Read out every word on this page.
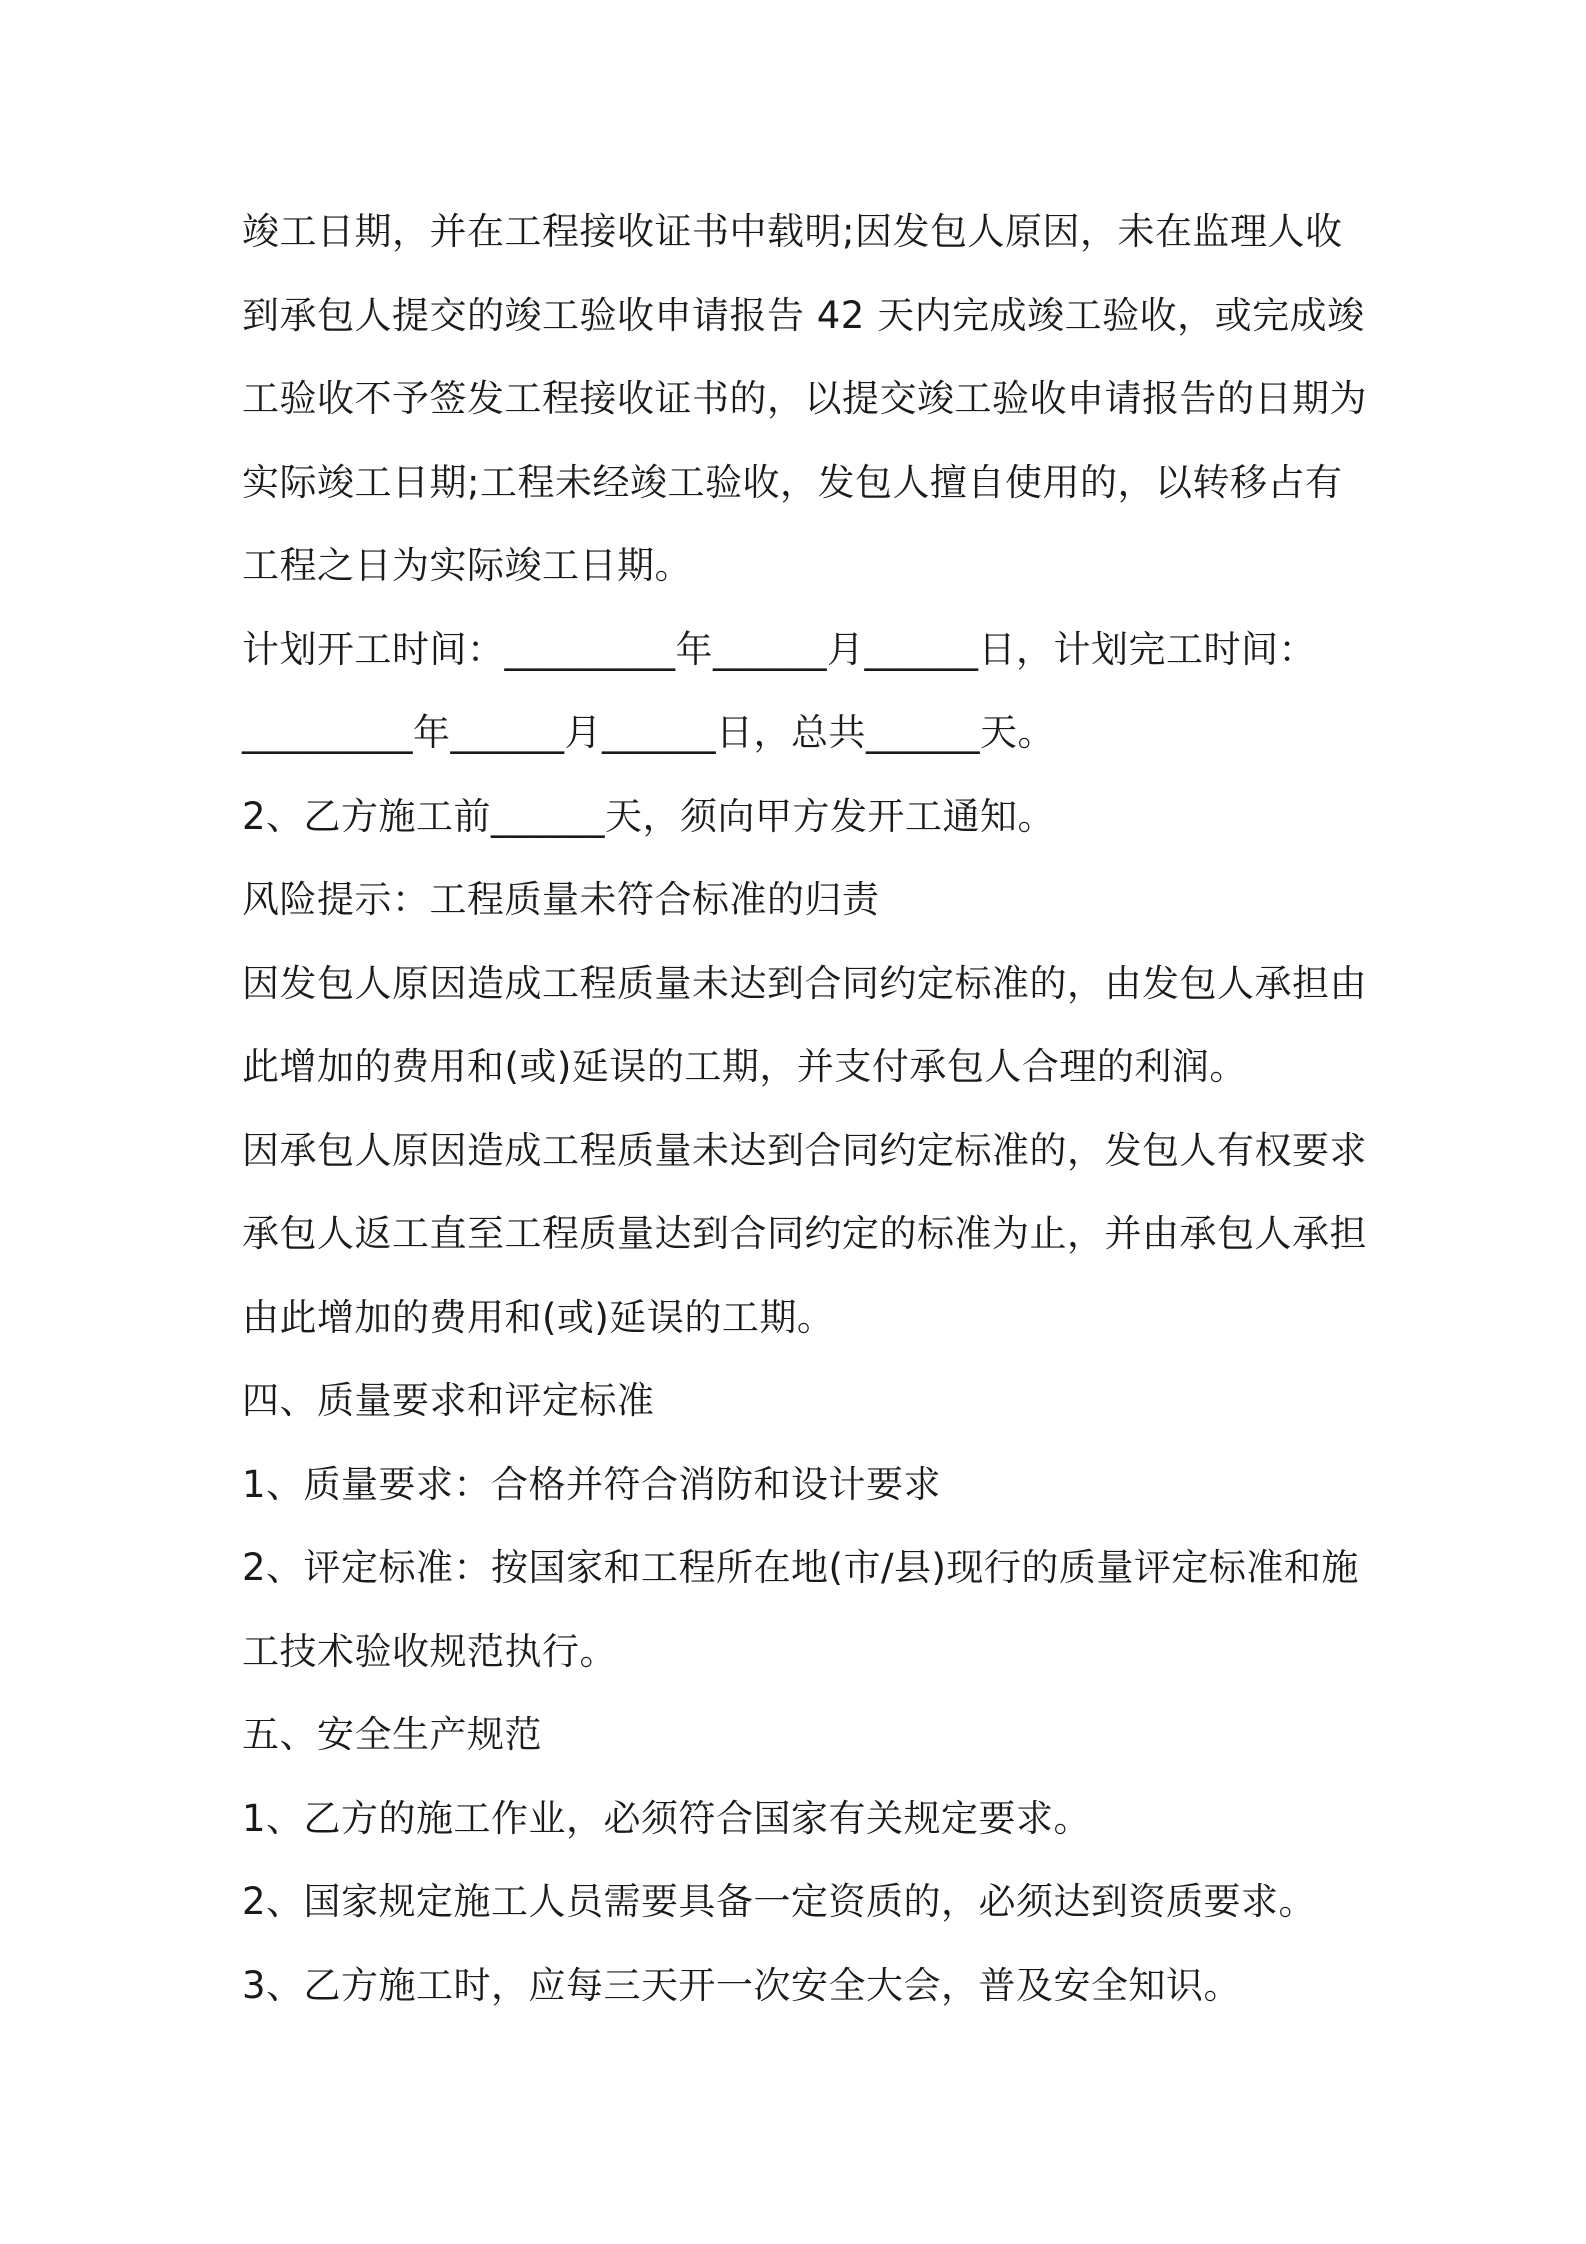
竣工日期，并在工程接收证书中载明;因发包人原因，未在监理人收
到承包人提交的竣工验收申请报告 42 天内完成竣工验收，或完成竣
工验收不予签发工程接收证书的，以提交竣工验收申请报告的日期为
实际竣工日期;工程未经竣工验收，发包人擅自使用的，以转移占有
工程之日为实际竣工日期。
计划开工时间：_________年______月______日，计划完工时间：
_________年______月______日，总共______天。
2、乙方施工前______天，须向甲方发开工通知。
风险提示：工程质量未符合标准的归责
因发包人原因造成工程质量未达到合同约定标准的，由发包人承担由
此增加的费用和(或)延误的工期，并支付承包人合理的利润。
因承包人原因造成工程质量未达到合同约定标准的，发包人有权要求
承包人返工直至工程质量达到合同约定的标准为止，并由承包人承担
由此增加的费用和(或)延误的工期。
四、质量要求和评定标准
1、质量要求：合格并符合消防和设计要求
2、评定标准：按国家和工程所在地(市/县)现行的质量评定标准和施
工技术验收规范执行。
五、安全生产规范
1、乙方的施工作业，必须符合国家有关规定要求。
2、国家规定施工人员需要具备一定资质的，必须达到资质要求。
3、乙方施工时，应每三天开一次安全大会，普及安全知识。
